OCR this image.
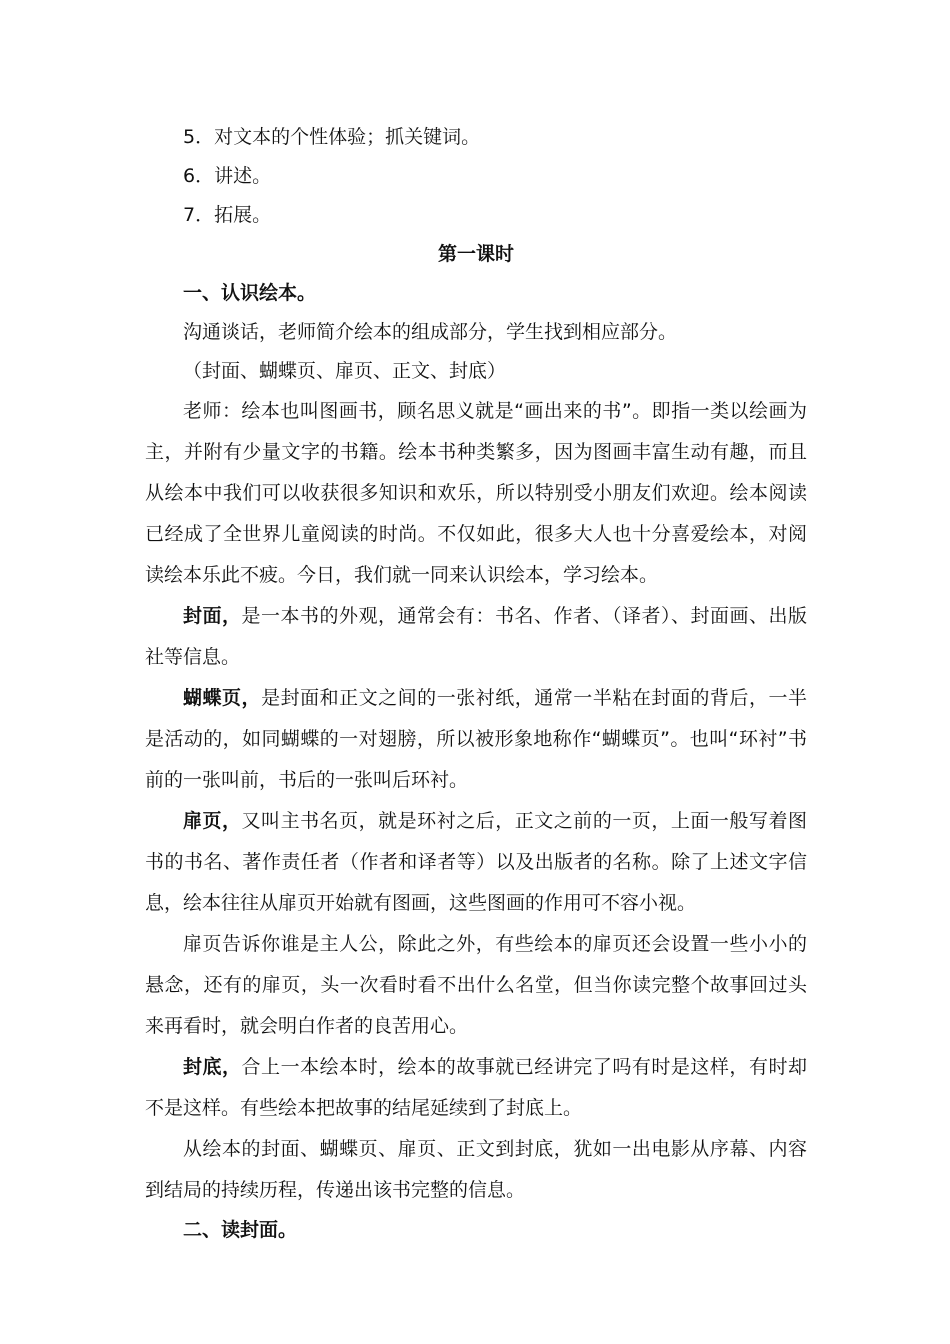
5．对文本的个性体验；抓关键词。
6．讲述。
7．拓展。
第一课时
一、认识绘本。
沟通谈话，老师简介绘本的组成部分，学生找到相应部分。
（封面、蝴蝶页、扉页、正文、封底）

老师：绘本也叫图画书，顾名思义就是“画出来的书”。即指一类以绘画为主，并附有少量文字的书籍。绘本书种类繁多，因为图画丰富生动有趣，而且从绘本中我们可以收获很多知识和欢乐，所以特别受小朋友们欢迎。绘本阅读已经成了全世界儿童阅读的时尚。不仅如此，很多大人也十分喜爱绘本，对阅读绘本乐此不疲。今日，我们就一同来认识绘本，学习绘本。

封面，是一本书的外观，通常会有：书名、作者、（译者）、封面画、出版社等信息。

蝴蝶页，是封面和正文之间的一张衬纸，通常一半粘在封面的背后，一半是活动的，如同蝴蝶的一对翅膀，所以被形象地称作“蝴蝶页”。也叫“环衬”书前的一张叫前，书后的一张叫后环衬。

扉页，又叫主书名页，就是环衬之后，正文之前的一页，上面一般写着图书的书名、著作责任者（作者和译者等）以及出版者的名称。除了上述文字信息，绘本往往从扉页开始就有图画，这些图画的作用可不容小视。

扉页告诉你谁是主人公，除此之外，有些绘本的扉页还会设置一些小小的悬念，还有的扉页，头一次看时看不出什么名堂，但当你读完整个故事回过头来再看时，就会明白作者的良苦用心。

封底，合上一本绘本时，绘本的故事就已经讲完了吗有时是这样，有时却不是这样。有些绘本把故事的结尾延续到了封底上。

从绘本的封面、蝴蝶页、扉页、正文到封底，犹如一出电影从序幕、内容到结局的持续历程，传递出该书完整的信息。

二、读封面。
